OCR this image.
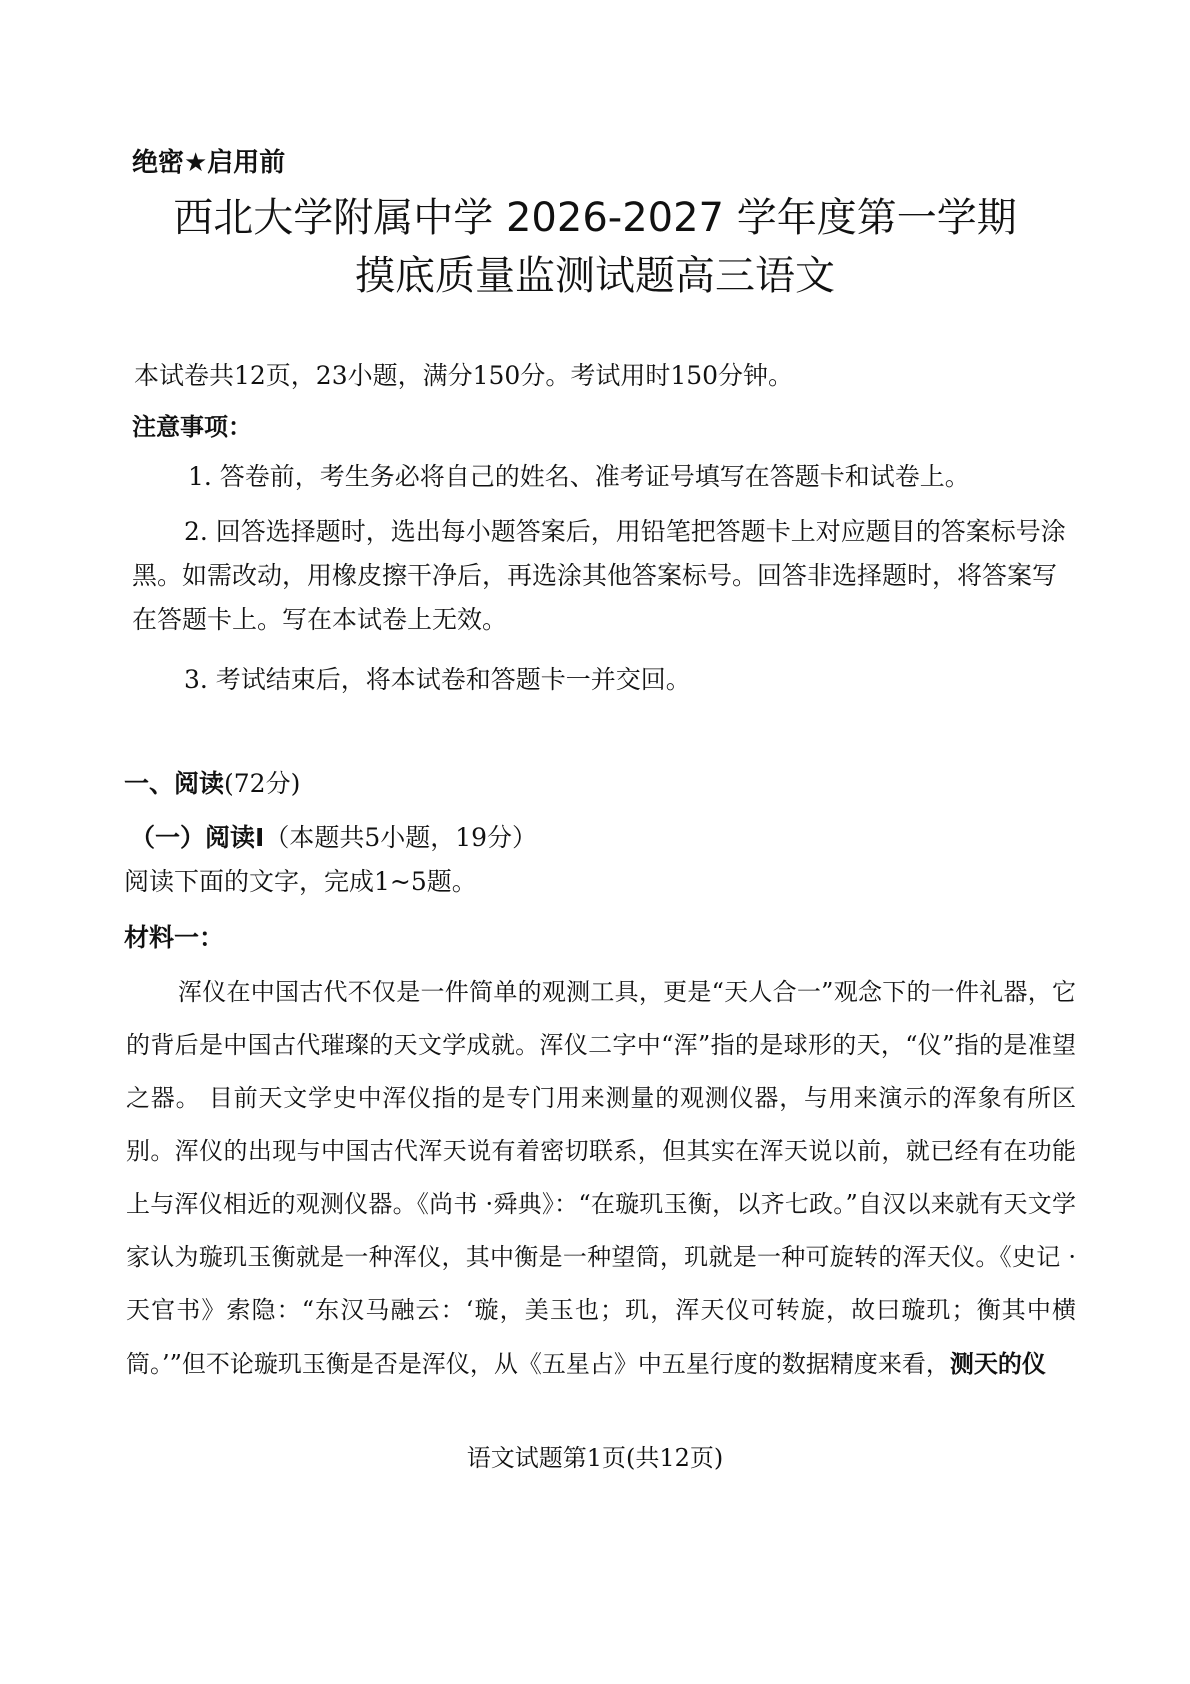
绝密★启用前
西北大学附属中学 2026-2027 学年度第一学期
摸底质量监测试题高三语文
本试卷共12页，23小题，满分150分。考试用时150分钟。
注意事项：

1. 答卷前，考生务必将自己的姓名、准考证号填写在答题卡和试卷上。

2. 回答选择题时，选出每小题答案后，用铅笔把答题卡上对应题目的答案标号涂黑。如需改动，用橡皮擦干净后，再选涂其他答案标号。回答非选择题时，将答案写在答题卡上。写在本试卷上无效。

3. 考试结束后，将本试卷和答题卡一并交回。

一、阅读(72分)
（一）阅读Ⅰ（本题共5小题，19分）
阅读下面的文字，完成1~5题。
材料一：

浑仪在中国古代不仅是一件简单的观测工具，更是“天人合一”观念下的一件礼器，它的背后是中国古代璀璨的天文学成就。浑仪二字中“浑”指的是球形的天，“仪”指的是准望之器。 目前天文学史中浑仪指的是专门用来测量的观测仪器，与用来演示的浑象有所区别。浑仪的出现与中国古代浑天说有着密切联系，但其实在浑天说以前，就已经有在功能上与浑仪相近的观测仪器。《尚书 ·舜典》：“在璇玑玉衡，以齐七政。”自汉以来就有天文学家认为璇玑玉衡就是一种浑仪，其中衡是一种望筒，玑就是一种可旋转的浑天仪。《史记 ·天官书》索隐：“东汉马融云：‘璇，美玉也；玑，浑天仪可转旋，故曰璇玑；衡其中横筒。’”但不论璇玑玉衡是否是浑仪，从《五星占》中五星行度的数据精度来看，测天的仪

语文试题第1页(共12页)
